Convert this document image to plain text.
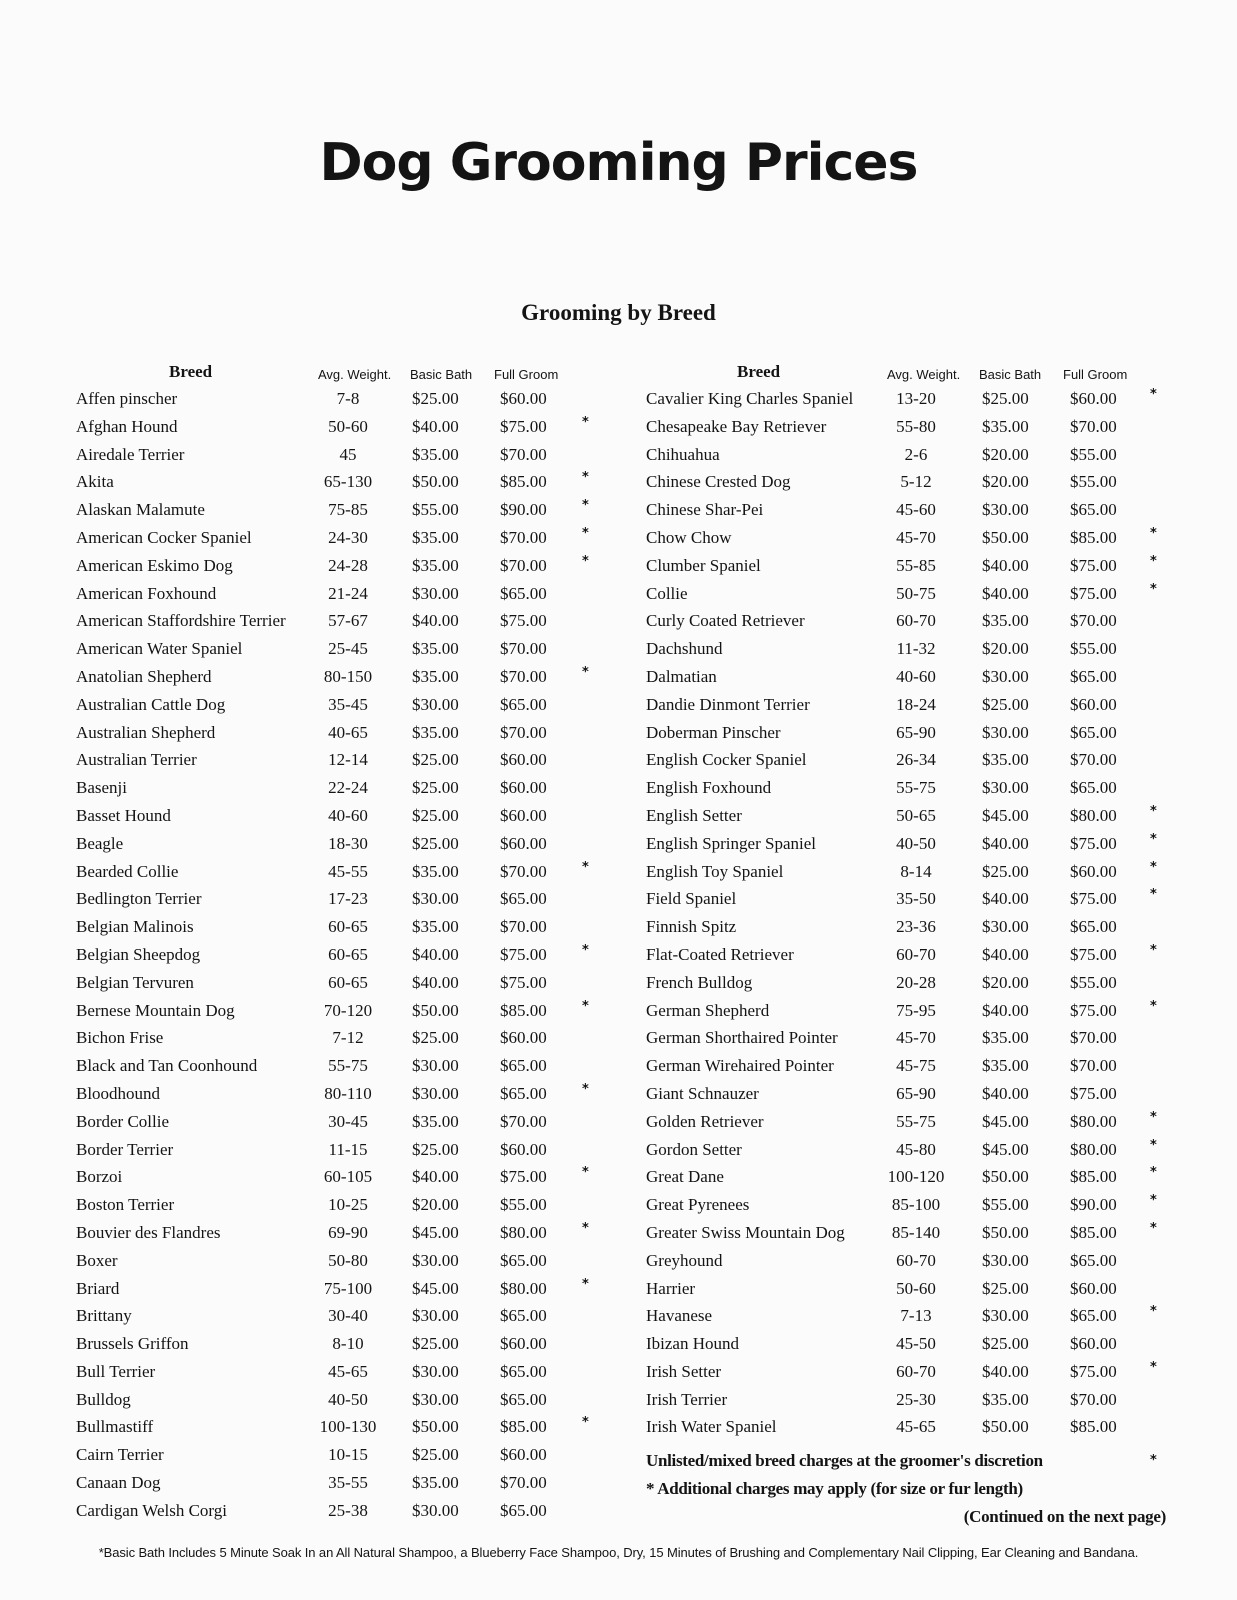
Dog Grooming Prices
Grooming by Breed
Breed	Avg. Weight. Basic Bath Full Groom
Affen pinscher	7-8	$25.00 $60.00
Afghan Hound	50-60	$40.00 $75.00	*
Airedale Terrier	45	$35.00 $70.00
Akita	65-130 $50.00 $85.00	*
Alaskan Malamute	75-85	$55.00 $90.00	*
American Cocker Spaniel	24-30	$35.00 $70.00	*
American Eskimo Dog	24-28	$35.00 $70.00	*
American Foxhound	21-24	$30.00 $65.00
American Staffordshire Terrier	57-67	$40.00 $75.00
American Water Spaniel	25-45	$35.00 $70.00
Anatolian Shepherd	80-150 $35.00 $70.00	*
Australian Cattle Dog	35-45	$30.00 $65.00
Australian Shepherd	40-65	$35.00 $70.00
Australian Terrier	12-14	$25.00 $60.00
Basenji	22-24	$25.00 $60.00
Basset Hound	40-60	$25.00 $60.00
Beagle	18-30	$25.00 $60.00
Bearded Collie	45-55	$35.00 $70.00	*
Bedlington Terrier	17-23	$30.00 $65.00
Belgian Malinois	60-65	$35.00 $70.00
Belgian Sheepdog	60-65	$40.00 $75.00	*
Belgian Tervuren	60-65	$40.00 $75.00
Bernese Mountain Dog	70-120 $50.00 $85.00	*
Bichon Frise	7-12	$25.00 $60.00
Black and Tan Coonhound	55-75	$30.00 $65.00
Bloodhound	80-110 $30.00 $65.00	*
Border Collie	30-45	$35.00 $70.00
Border Terrier	11-15	$25.00 $60.00
Borzoi	60-105 $40.00 $75.00	*
Boston Terrier	10-25	$20.00 $55.00
Bouvier des Flandres	69-90	$45.00 $80.00	*
Boxer	50-80	$30.00 $65.00
Briard	75-100 $45.00 $80.00	*
Brittany	30-40	$30.00 $65.00
Brussels Griffon	8-10	$25.00 $60.00
Bull Terrier	45-65	$30.00 $65.00
Bulldog	40-50	$30.00 $65.00
Bullmastiff	100-130 $50.00 $85.00	*
Cairn Terrier	10-15	$25.00 $60.00
Canaan Dog	35-55	$35.00 $70.00
Cardigan Welsh Corgi	25-38	$30.00 $65.00
Breed	Avg. Weight. Basic Bath Full Groom
Cavalier King Charles Spaniel	13-20	$25.00 $60.00	*
Chesapeake Bay Retriever	55-80	$35.00 $70.00
Chihuahua	2-6	$20.00 $55.00
Chinese Crested Dog	5-12	$20.00 $55.00
Chinese Shar-Pei	45-60	$30.00 $65.00
Chow Chow	45-70	$50.00 $85.00	*
Clumber Spaniel	55-85	$40.00 $75.00	*
Collie	50-75	$40.00 $75.00	*
Curly Coated Retriever	60-70	$35.00 $70.00
Dachshund	11-32	$20.00 $55.00
Dalmatian	40-60	$30.00 $65.00
Dandie Dinmont Terrier	18-24	$25.00 $60.00
Doberman Pinscher	65-90	$30.00 $65.00
English Cocker Spaniel	26-34	$35.00 $70.00
English Foxhound	55-75	$30.00 $65.00
English Setter	50-65	$45.00 $80.00	*
English Springer Spaniel	40-50	$40.00 $75.00	*
English Toy Spaniel	8-14	$25.00 $60.00	*
Field Spaniel	35-50	$40.00 $75.00	*
Finnish Spitz	23-36	$30.00 $65.00
Flat-Coated Retriever	60-70	$40.00 $75.00	*
French Bulldog	20-28	$20.00 $55.00
German Shepherd	75-95	$40.00 $75.00	*
German Shorthaired Pointer	45-70	$35.00 $70.00
German Wirehaired Pointer	45-75	$35.00 $70.00
Giant Schnauzer	65-90	$40.00 $75.00
Golden Retriever	55-75	$45.00 $80.00	*
Gordon Setter	45-80	$45.00 $80.00	*
Great Dane	100-120 $50.00 $85.00	*
Great Pyrenees	85-100 $55.00 $90.00	*
Greater Swiss Mountain Dog	85-140 $50.00 $85.00	*
Greyhound	60-70	$30.00 $65.00
Harrier	50-60	$25.00 $60.00
Havanese	7-13	$30.00 $65.00	*
Ibizan Hound	45-50	$25.00 $60.00
Irish Setter	60-70	$40.00 $75.00	*
Irish Terrier	25-30	$35.00 $70.00
Irish Water Spaniel	45-65	$50.00 $85.00
Unlisted/mixed breed charges at the groomer's discretion	*
* Additional charges may apply (for size or fur length)
(Continued on the next page)

*Basic Bath Includes 5 Minute Soak In an All Natural Shampoo, a Blueberry Face Shampoo, Dry, 15 Minutes of Brushing and Complementary Nail Clipping, Ear Cleaning and Bandana.
